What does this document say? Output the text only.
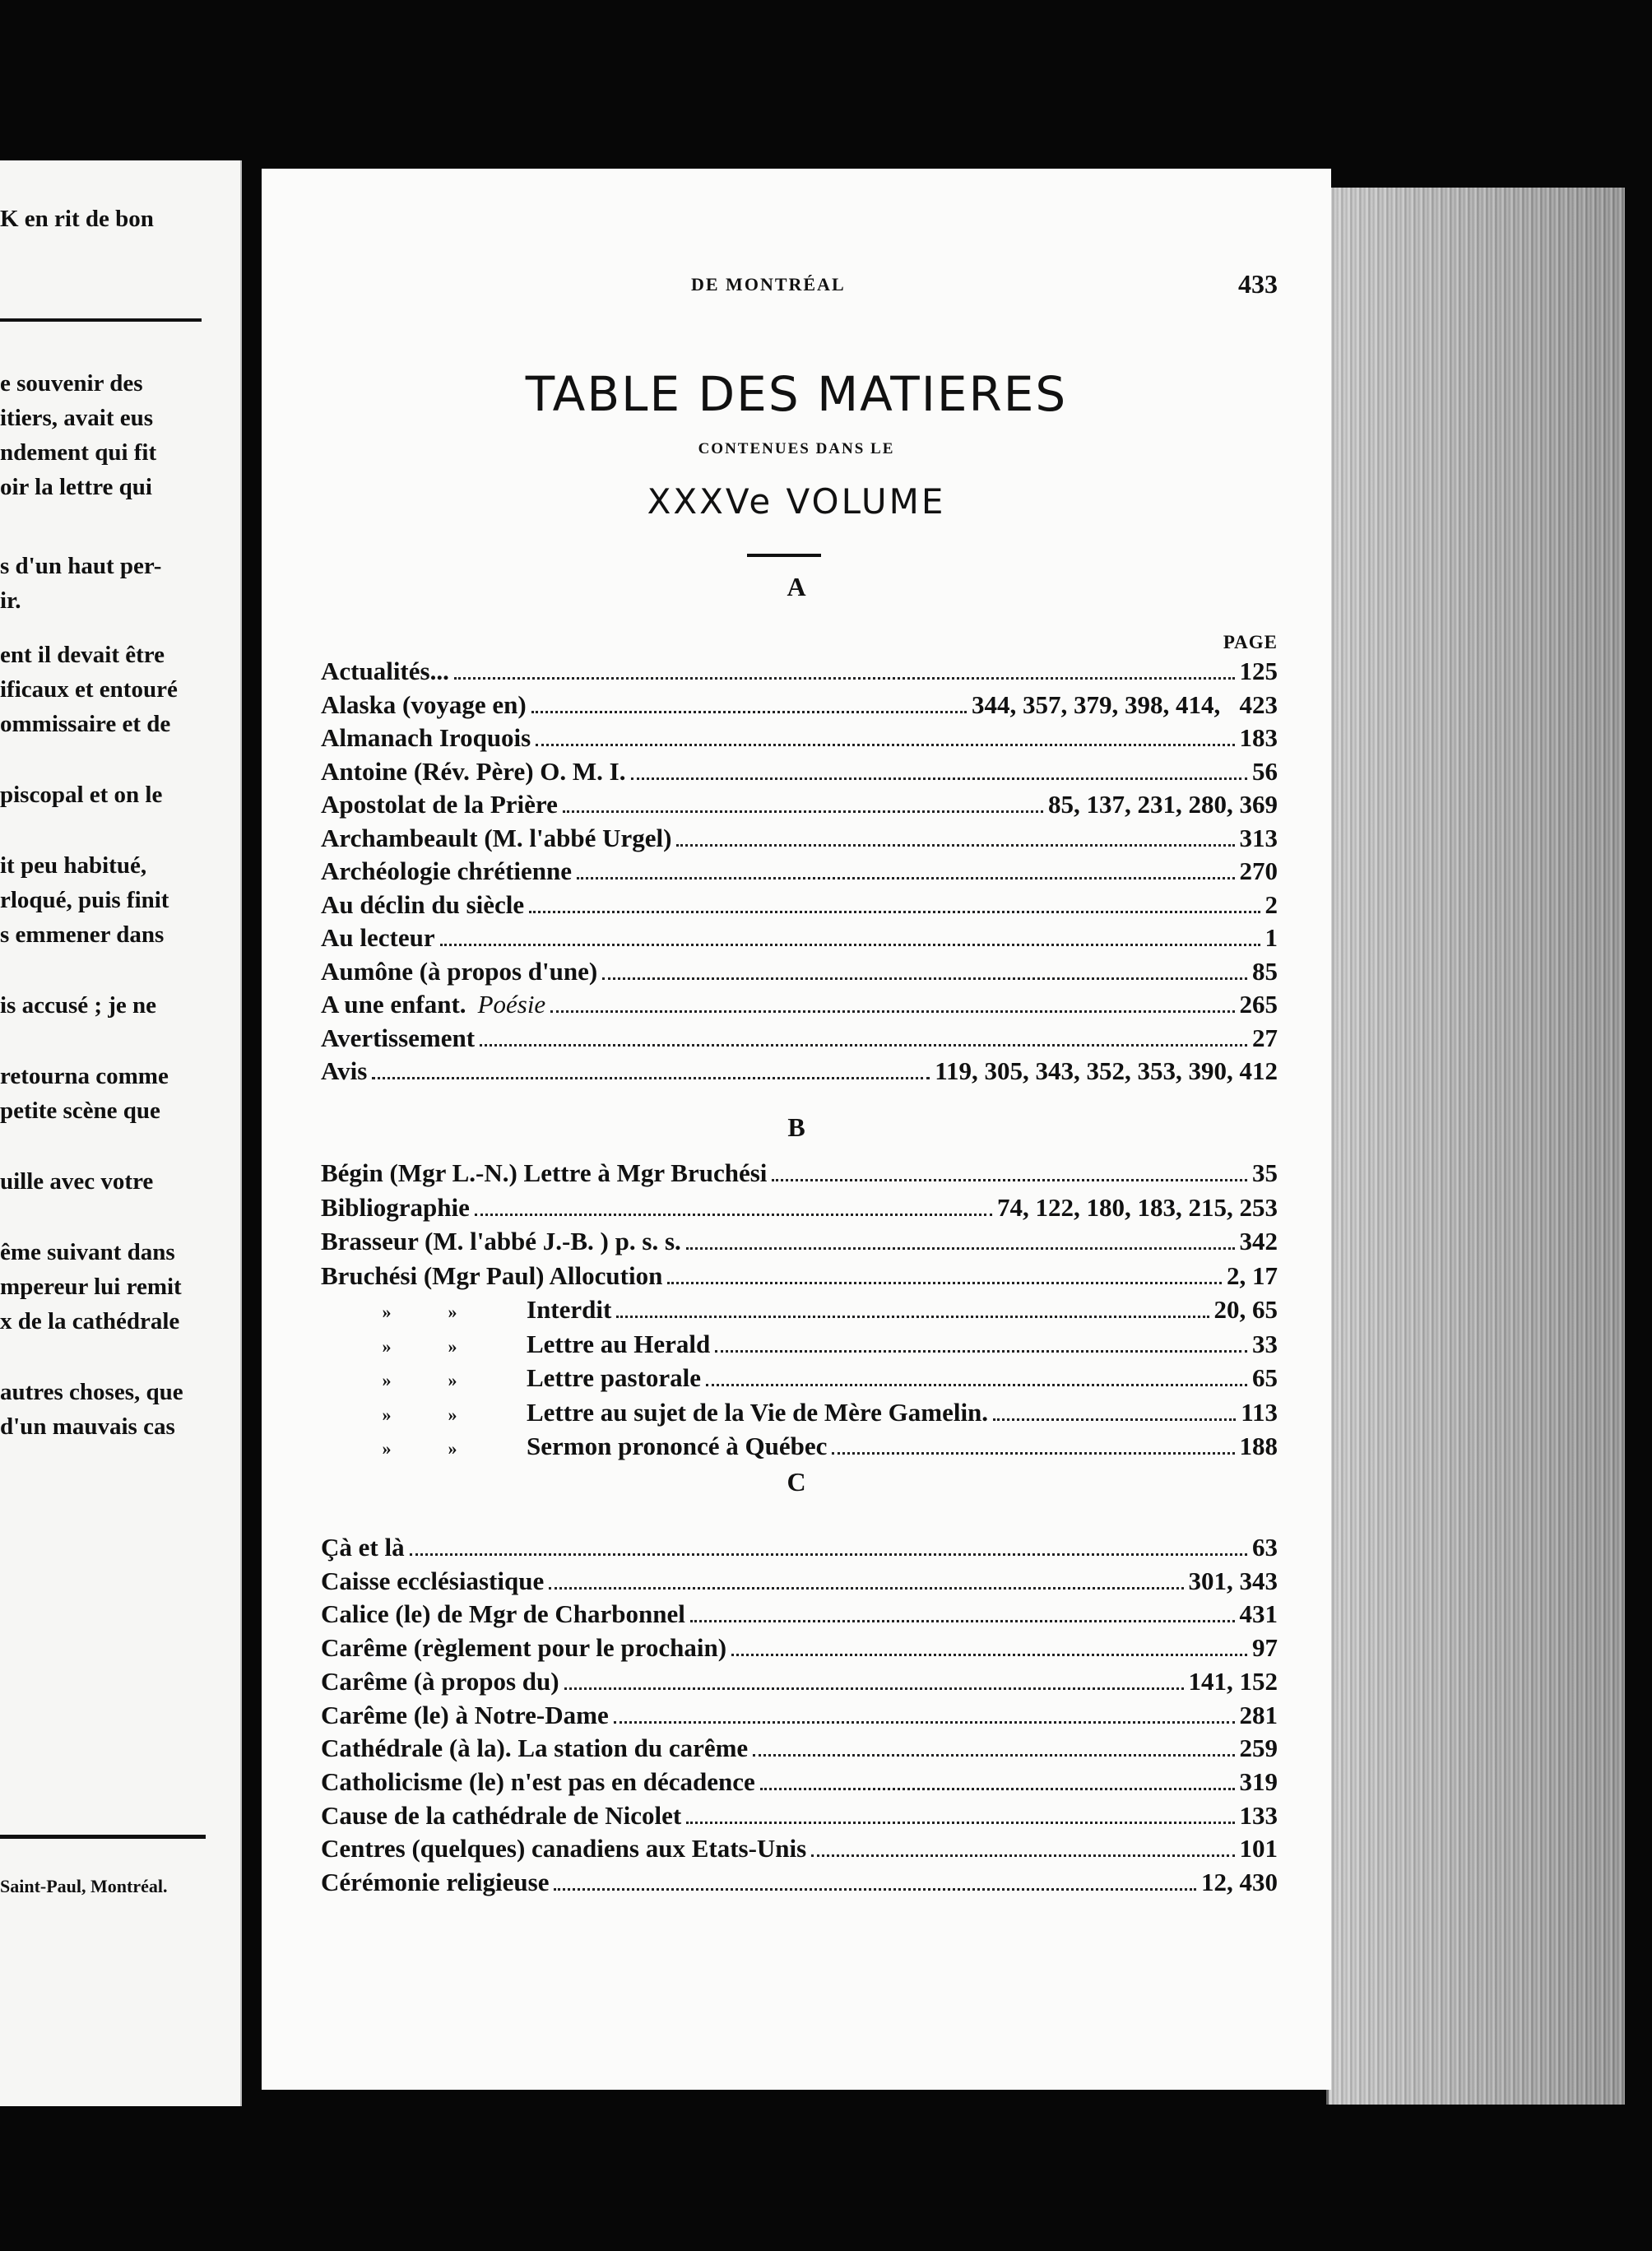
K en rit de bon
e souvenir des
itiers, avait eus
ndement qui fit
oir la lettre qui
s d'un haut per-
ir.
ent il devait être
ificaux et entouré
ommissaire et de
piscopal et on le
it peu habitué,
rloqué, puis finit
s emmener dans
is accusé ; je ne
retourna comme
petite scène que
uille avec votre
ême suivant dans
mpereur lui remit
x de la cathédrale
autres choses, que
d'un mauvais cas
Saint-Paul, Montréal.
DE MONTRÉAL	433
TABLE DES MATIERES
CONTENUES DANS LE
XXXVe VOLUME
PAGE
A
Actualités...	125
Alaska (voyage en)	344, 357, 379, 398, 414,   423
Almanach Iroquois	183
Antoine (Rév. Père) O. M. I.	56
Apostolat de la Prière	85, 137, 231, 280, 369
Archambeault (M. l'abbé Urgel)	313
Archéologie chrétienne	270
Au déclin du siècle	2
Au lecteur	1
Aumône (à propos d'une)	85
A une enfant. Poésie	265
Avertissement	27
Avis	119, 305, 343, 352, 353, 390, 412
B
Bégin (Mgr L.-N.) Lettre à Mgr Bruchési	35
Bibliographie	74, 122, 180, 183, 215, 253
Brasseur (M. l'abbé J.-B. ) p. s. s.	342
Bruchési (Mgr Paul) Allocution	2, 17
»	»	Interdit	20, 65
»	»	Lettre au Herald	33
»	»	Lettre pastorale	65
»	»	Lettre au sujet de la Vie de Mère Gamelin.	113
»	»	Sermon prononcé à Québec	188
C
Çà et là	63
Caisse ecclésiastique	301, 343
Calice (le) de Mgr de Charbonnel	431
Carême (règlement pour le prochain)	97
Carême (à propos du)	141, 152
Carême (le) à Notre-Dame	281
Cathédrale (à la). La station du carême	259
Catholicisme (le) n'est pas en décadence	319
Cause de la cathédrale de Nicolet	133
Centres (quelques) canadiens aux Etats-Unis	101
Cérémonie religieuse	12, 430
